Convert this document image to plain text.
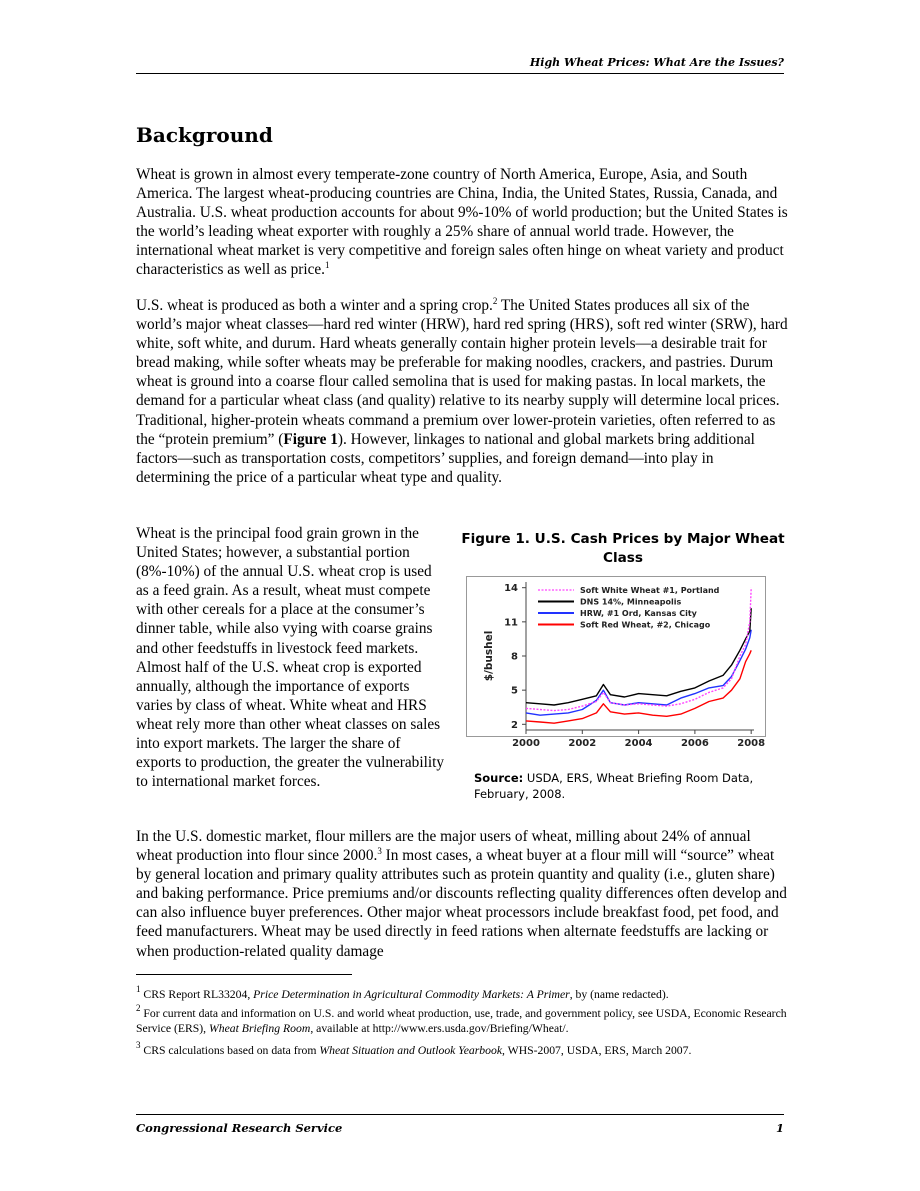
High Wheat Prices: What Are the Issues?
Background

Wheat is grown in almost every temperate-zone country of North America, Europe, Asia, and South America. The largest wheat-producing countries are China, India, the United States, Russia, Canada, and Australia. U.S. wheat production accounts for about 9%-10% of world production; but the United States is the world’s leading wheat exporter with roughly a 25% share of annual world trade. However, the international wheat market is very competitive and foreign sales often hinge on wheat variety and product characteristics as well as price.$^1$

U.S. wheat is produced as both a winter and a spring crop.$^2$ The United States produces all six of the world’s major wheat classes—hard red winter (HRW), hard red spring (HRS), soft red winter (SRW), hard white, soft white, and durum. Hard wheats generally contain higher protein levels—a desirable trait for bread making, while softer wheats may be preferable for making noodles, crackers, and pastries. Durum wheat is ground into a coarse flour called semolina that is used for making pastas. In local markets, the demand for a particular wheat class (and quality) relative to its nearby supply will determine local prices. Traditional, higher-protein wheats command a premium over lower-protein varieties, often referred to as the “protein premium” (Figure 1). However, linkages to national and global markets bring additional factors—such as transportation costs, competitors’ supplies, and foreign demand—into play in determining the price of a particular wheat type and quality.

Wheat is the principal food grain grown in the United States; however, a substantial portion (8%-10%) of the annual U.S. wheat crop is used as a feed grain. As a result, wheat must compete with other cereals for a place at the consumer’s dinner table, while also vying with coarse grains and other feedstuffs in livestock feed markets. Almost half of the U.S. wheat crop is exported annually, although the importance of exports varies by class of wheat. White wheat and HRS wheat rely more than other wheat classes on sales into export markets. The larger the share of exports to production, the greater the vulnerability to international market forces.

Figure 1. U.S. Cash Prices by Major Wheat Class
$/bushel
2
5
8
11
14
2000	2002	2004	2006	2008
Soft White Wheat #1, Portland
DNS 14%, Minneapolis
HRW, #1 Ord, Kansas City
Soft Red Wheat, #2, Chicago
Source: USDA, ERS, Wheat Briefing Room Data, February, 2008.

In the U.S. domestic market, flour millers are the major users of wheat, milling about 24% of annual wheat production into flour since 2000.$^3$ In most cases, a wheat buyer at a flour mill will “source” wheat by general location and primary quality attributes such as protein quantity and quality (i.e., gluten share) and baking performance. Price premiums and/or discounts reflecting quality differences often develop and can also influence buyer preferences. Other major wheat processors include breakfast food, pet food, and feed manufacturers. Wheat may be used directly in feed rations when alternate feedstuffs are lacking or when production-related quality damage

$^1$ CRS Report RL33204, Price Determination in Agricultural Commodity Markets: A Primer, by (name redacted).

$^2$ For current data and information on U.S. and world wheat production, use, trade, and government policy, see USDA, Economic Research Service (ERS), Wheat Briefing Room, available at http://www.ers.usda.gov/Briefing/Wheat/.

$^3$ CRS calculations based on data from Wheat Situation and Outlook Yearbook, WHS-2007, USDA, ERS, March 2007.

Congressional Research Service	1
